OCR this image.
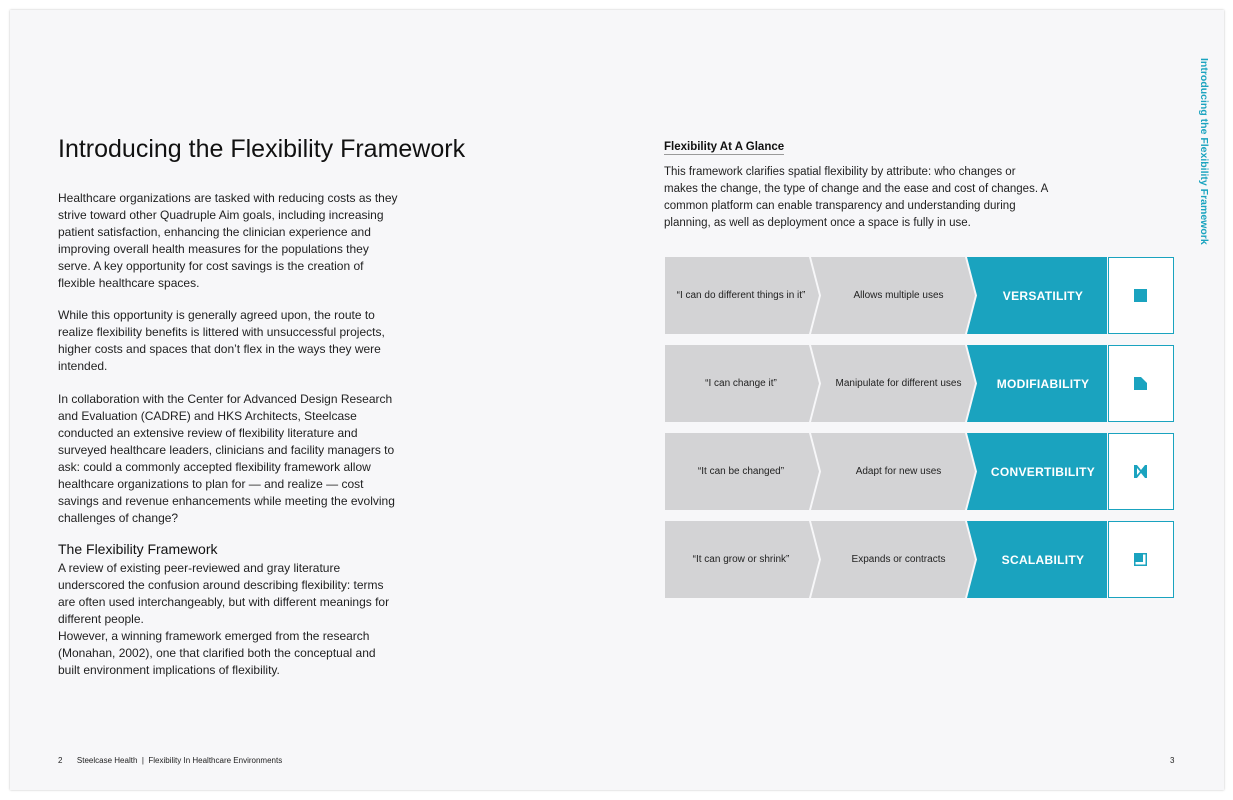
Introducing the Flexibility Framework

Healthcare organizations are tasked with reducing costs as they strive toward other Quadruple Aim goals, including increasing patient satisfaction, enhancing the clinician experience and improving overall health measures for the populations they serve. A key opportunity for cost savings is the creation of flexible healthcare spaces.

While this opportunity is generally agreed upon, the route to realize flexibility benefits is littered with unsuccessful projects, higher costs and spaces that don’t flex in the ways they were intended.

In collaboration with the Center for Advanced Design Research and Evaluation (CADRE) and HKS Architects, Steelcase conducted an extensive review of flexibility literature and surveyed healthcare leaders, clinicians and facility managers to ask: could a commonly accepted flexibility framework allow healthcare organizations to plan for — and realize — cost savings and revenue enhancements while meeting the evolving challenges of change?

The Flexibility Framework

A review of existing peer-reviewed and gray literature underscored the confusion around describing flexibility: terms are often used interchangeably, but with different meanings for different people.

However, a winning framework emerged from the research (Monahan, 2002), one that clarified both the conceptual and built environment implications of flexibility.

2 Steelcase Health  |  Flexibility In Healthcare Environments
Introducing the Flexibility Framework
Flexibility At A Glance

This framework clarifies spatial flexibility by attribute: who changes or makes the change, the type of change and the ease and cost of changes. A common platform can enable transparency and understanding during planning, as well as deployment once a space is fully in use.

“I can do different things in it”	Allows multiple uses	VERSATILITY
“I can change it”	Manipulate for different uses	MODIFIABILITY
“It can be changed”	Adapt for new uses	CONVERTIBILITY
“It can grow or shrink”	Expands or contracts	SCALABILITY
3
